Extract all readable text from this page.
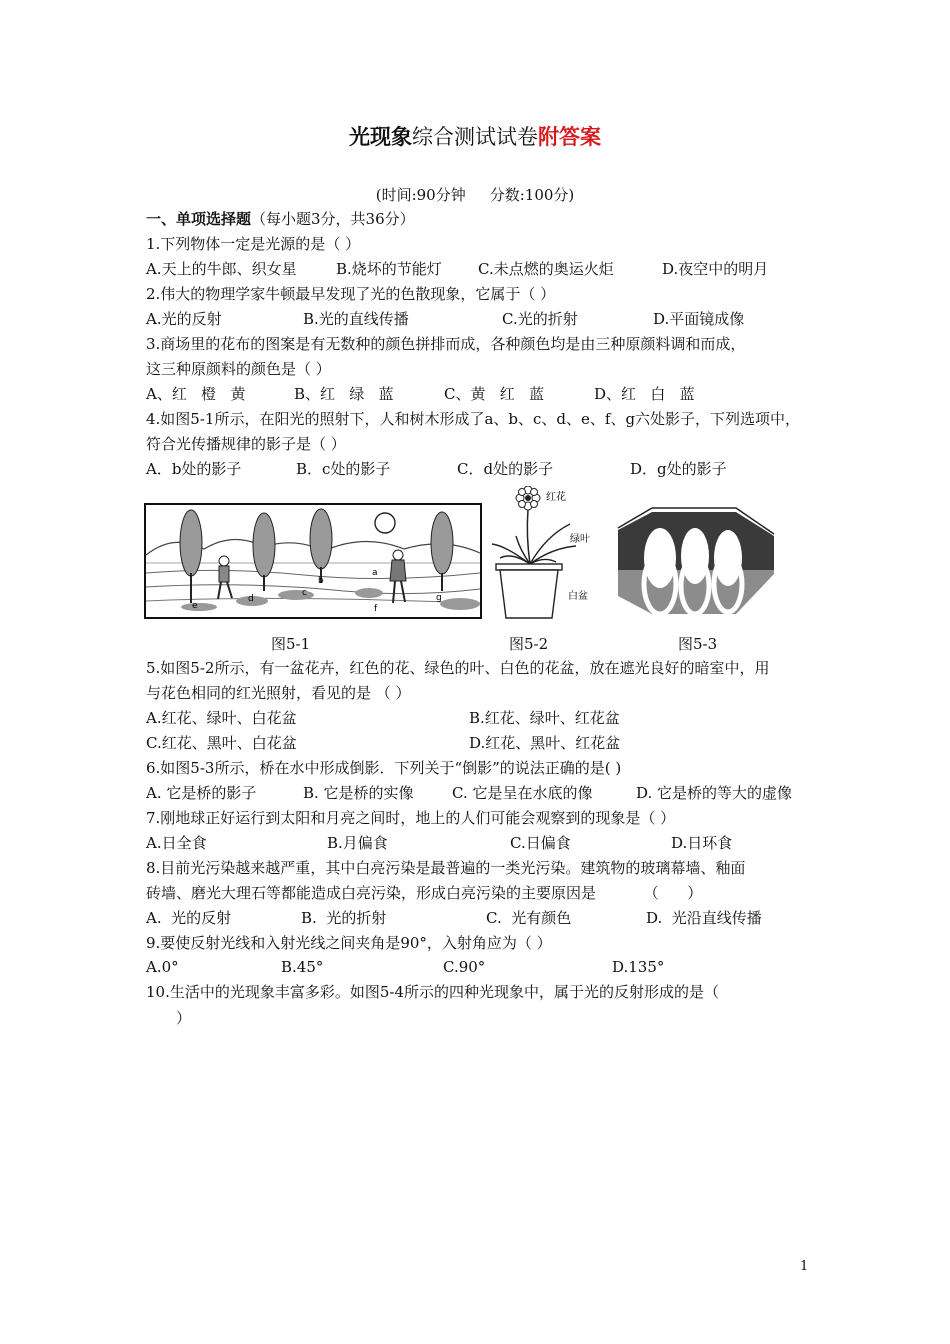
光现象综合测试试卷附答案
(时间:90分钟 分数:100分)
一、单项选择题（每小题3分，共36分）
1.下列物体一定是光源的是（ ）
A.天上的牛郎、织女星	B.烧坏的节能灯 C.未点燃的奥运火炬	D.夜空中的明月
2.伟大的物理学家牛顿最早发现了光的色散现象，它属于（ ）
A.光的反射	B.光的直线传播	C.光的折射	D.平面镜成像
3.商场里的花布的图案是有无数种的颜色拼排而成，各种颜色均是由三种原颜料调和而成，
这三种原颜料的颜色是（ ）
A、红   橙   黄	B、红   绿   蓝	C、黄   红   蓝	D、红   白   蓝
4.如图5-1所示，在阳光的照射下，人和树木形成了a、b、c、d、e、f、g六处影子，下列选项中，
符合光传播规律的影子是（ ）
A．b处的影子	B．c处的影子	C．d处的影子	D．g处的影子
a
b
c
d
e	f
g
红花
绿叶
白盆
图5-1	图5-2	图5-3
5.如图5-2所示，有一盆花卉，红色的花、绿色的叶、白色的花盆，放在遮光良好的暗室中，用
与花色相同的红光照射，看见的是 （ ）
A.红花、绿叶、白花盆	B.红花、绿叶、红花盆
C.红花、黑叶、白花盆	D.红花、黑叶、红花盆
6.如图5-3所示，桥在水中形成倒影．下列关于“倒影”的说法正确的是( )
A. 它是桥的影子	B. 它是桥的实像	C. 它是呈在水底的像	D. 它是桥的等大的虚像
7.刚地球正好运行到太阳和月亮之间时，地上的人们可能会观察到的现象是（ ）
A.日全食	B.月偏食	C.日偏食	D.日环食
8.目前光污染越来越严重，其中白亮污染是最普遍的一类光污染。建筑物的玻璃幕墙、釉面
砖墙、磨光大理石等都能造成白亮污染，形成白亮污染的主要原因是          （      ）
A.  光的反射	B.  光的折射	C.  光有颜色	D.  光沿直线传播
9.要使反射光线和入射光线之间夹角是90°，入射角应为（ ）
A.0°	B.45°	C.90°	D.135°
10.生活中的光现象丰富多彩。如图5-4所示的四种光现象中，属于光的反射形成的是（
）
1
